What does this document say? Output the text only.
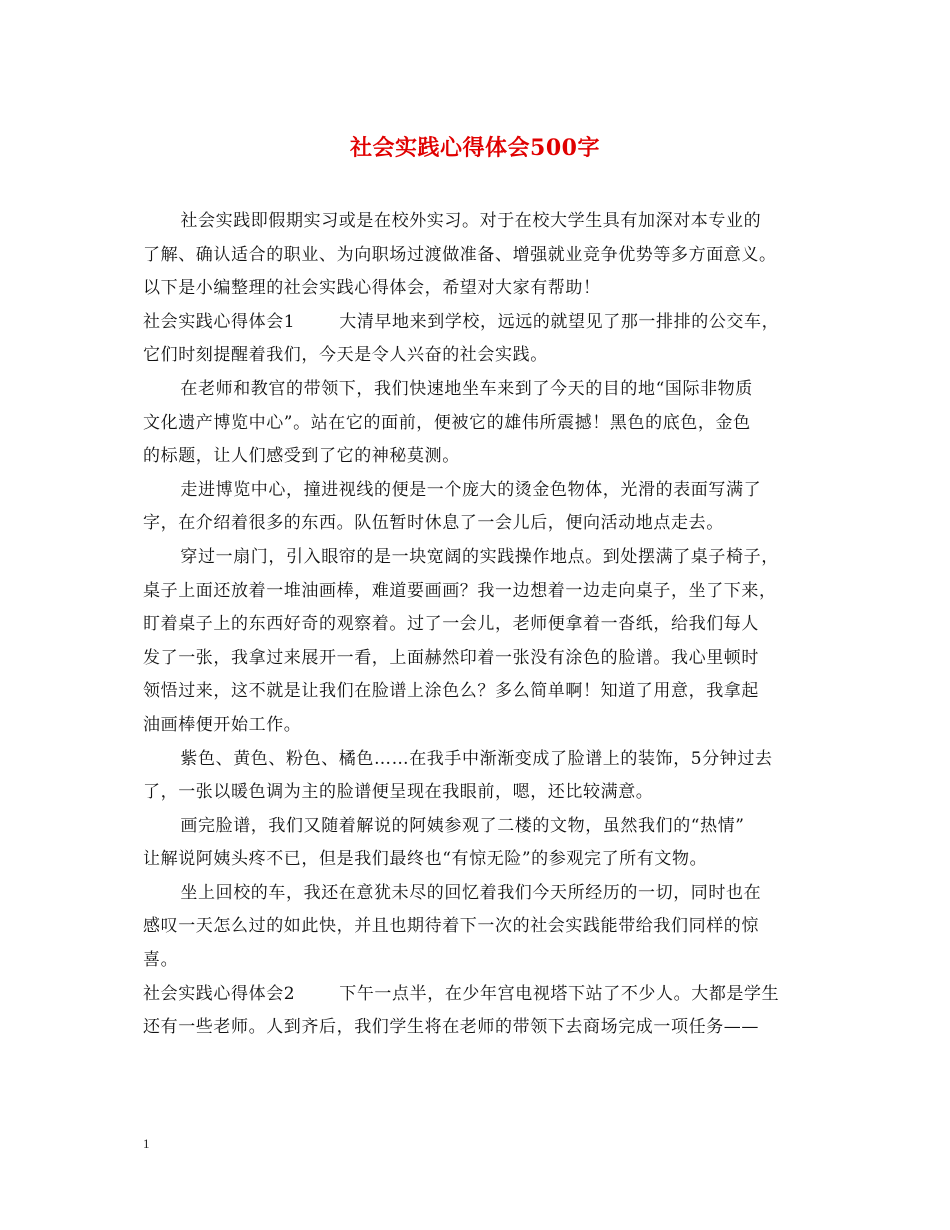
社会实践心得体会500字
社会实践即假期实习或是在校外实习。对于在校大学生具有加深对本专业的
了解、确认适合的职业、为向职场过渡做准备、增强就业竞争优势等多方面意义。
以下是小编整理的社会实践心得体会，希望对大家有帮助！
社会实践心得体会1	大清早地来到学校，远远的就望见了那一排排的公交车，
它们时刻提醒着我们，今天是令人兴奋的社会实践。
在老师和教官的带领下，我们快速地坐车来到了今天的目的地“国际非物质
文化遗产博览中心”。站在它的面前，便被它的雄伟所震撼！黑色的底色，金色
的标题，让人们感受到了它的神秘莫测。
走进博览中心，撞进视线的便是一个庞大的烫金色物体，光滑的表面写满了
字，在介绍着很多的东西。队伍暂时休息了一会儿后，便向活动地点走去。
穿过一扇门，引入眼帘的是一块宽阔的实践操作地点。到处摆满了桌子椅子，
桌子上面还放着一堆油画棒，难道要画画？我一边想着一边走向桌子，坐了下来，
盯着桌子上的东西好奇的观察着。过了一会儿，老师便拿着一沓纸，给我们每人
发了一张，我拿过来展开一看，上面赫然印着一张没有涂色的脸谱。我心里顿时
领悟过来，这不就是让我们在脸谱上涂色么？多么简单啊！知道了用意，我拿起
油画棒便开始工作。
紫色、黄色、粉色、橘色……在我手中渐渐变成了脸谱上的装饰，5分钟过去
了，一张以暖色调为主的脸谱便呈现在我眼前，嗯，还比较满意。
画完脸谱，我们又随着解说的阿姨参观了二楼的文物，虽然我们的“热情”
让解说阿姨头疼不已，但是我们最终也“有惊无险”的参观完了所有文物。
坐上回校的车，我还在意犹未尽的回忆着我们今天所经历的一切，同时也在
感叹一天怎么过的如此快，并且也期待着下一次的社会实践能带给我们同样的惊
喜。
社会实践心得体会2	下午一点半，在少年宫电视塔下站了不少人。大都是学生
还有一些老师。人到齐后，我们学生将在老师的带领下去商场完成一项任务——
1
